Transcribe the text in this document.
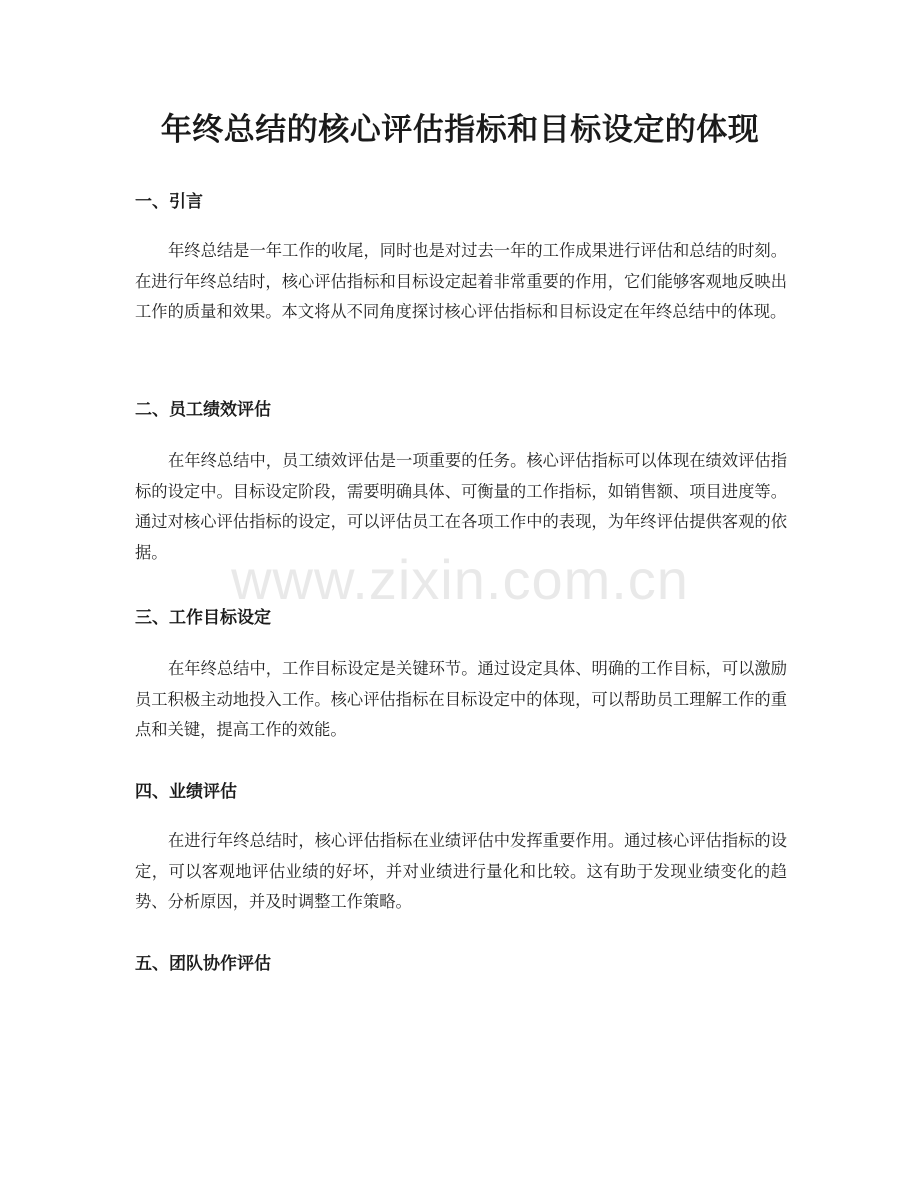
年终总结的核心评估指标和目标设定的体现
一、引言

年终总结是一年工作的收尾，同时也是对过去一年的工作成果进行评估和总结的时刻。在进行年终总结时，核心评估指标和目标设定起着非常重要的作用，它们能够客观地反映出工作的质量和效果。本文将从不同角度探讨核心评估指标和目标设定在年终总结中的体现。

二、员工绩效评估

在年终总结中，员工绩效评估是一项重要的任务。核心评估指标可以体现在绩效评估指标的设定中。目标设定阶段，需要明确具体、可衡量的工作指标，如销售额、项目进度等。通过对核心评估指标的设定，可以评估员工在各项工作中的表现，为年终评估提供客观的依据。

三、工作目标设定

在年终总结中，工作目标设定是关键环节。通过设定具体、明确的工作目标，可以激励员工积极主动地投入工作。核心评估指标在目标设定中的体现，可以帮助员工理解工作的重点和关键，提高工作的效能。

四、业绩评估

在进行年终总结时，核心评估指标在业绩评估中发挥重要作用。通过核心评估指标的设定，可以客观地评估业绩的好坏，并对业绩进行量化和比较。这有助于发现业绩变化的趋势、分析原因，并及时调整工作策略。

五、团队协作评估
www.zixin.com.cn
